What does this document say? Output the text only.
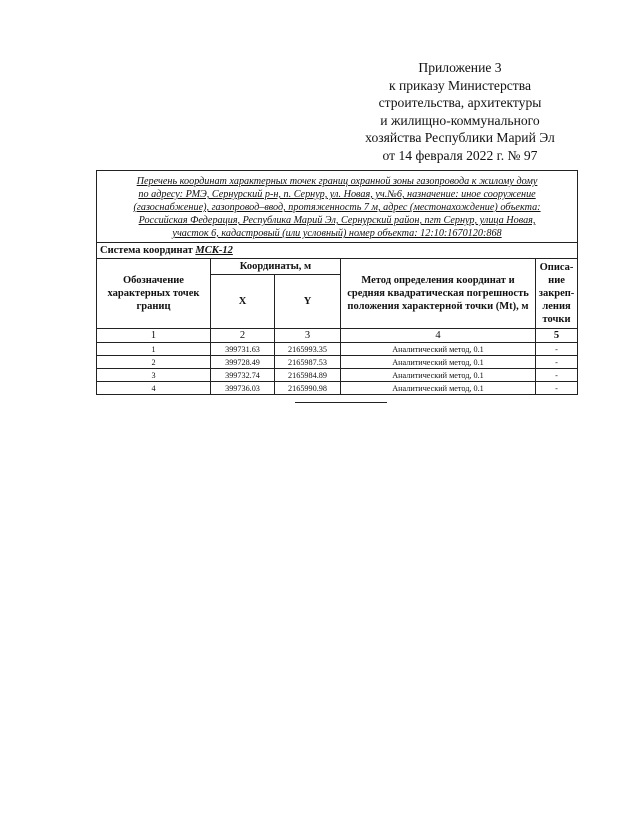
Приложение 3
к приказу Министерства
строительства, архитектуры
и жилищно-коммунального
хозяйства Республики Марий Эл
от 14 февраля 2022 г. № 97
Перечень координат характерных точек границ охранной зоны газопровода к жилому дому
по адресу: РМЭ, Сернурский р-н, п. Сернур, ул. Новая, уч.№6, назначение: иное сооружение
(газоснабжение), газопровод–ввод, протяженность 7 м, адрес (местонахождение) объекта:
Российская Федерация, Республика Марий Эл, Сернурский район, пгт Сернур, улица Новая,
участок 6, кадастровый (или условный) номер объекта: 12:10:1670120:868				

Система координат МСК-12				
Обозначение характерных точек границ	Координаты, м		Метод определения координат и средняя квадратическая погрешность положения характерной точки (Mt), м	Описа-ние закреп-ления точки
	X	Y		
1	2	3	4	5
1	399731.63	2165993.35	Аналитический метод, 0.1	-
2	399728.49	2165987.53	Аналитический метод, 0.1	-
3	399732.74	2165984.89	Аналитический метод, 0.1	-
4	399736.03	2165990.98	Аналитический метод, 0.1	-
